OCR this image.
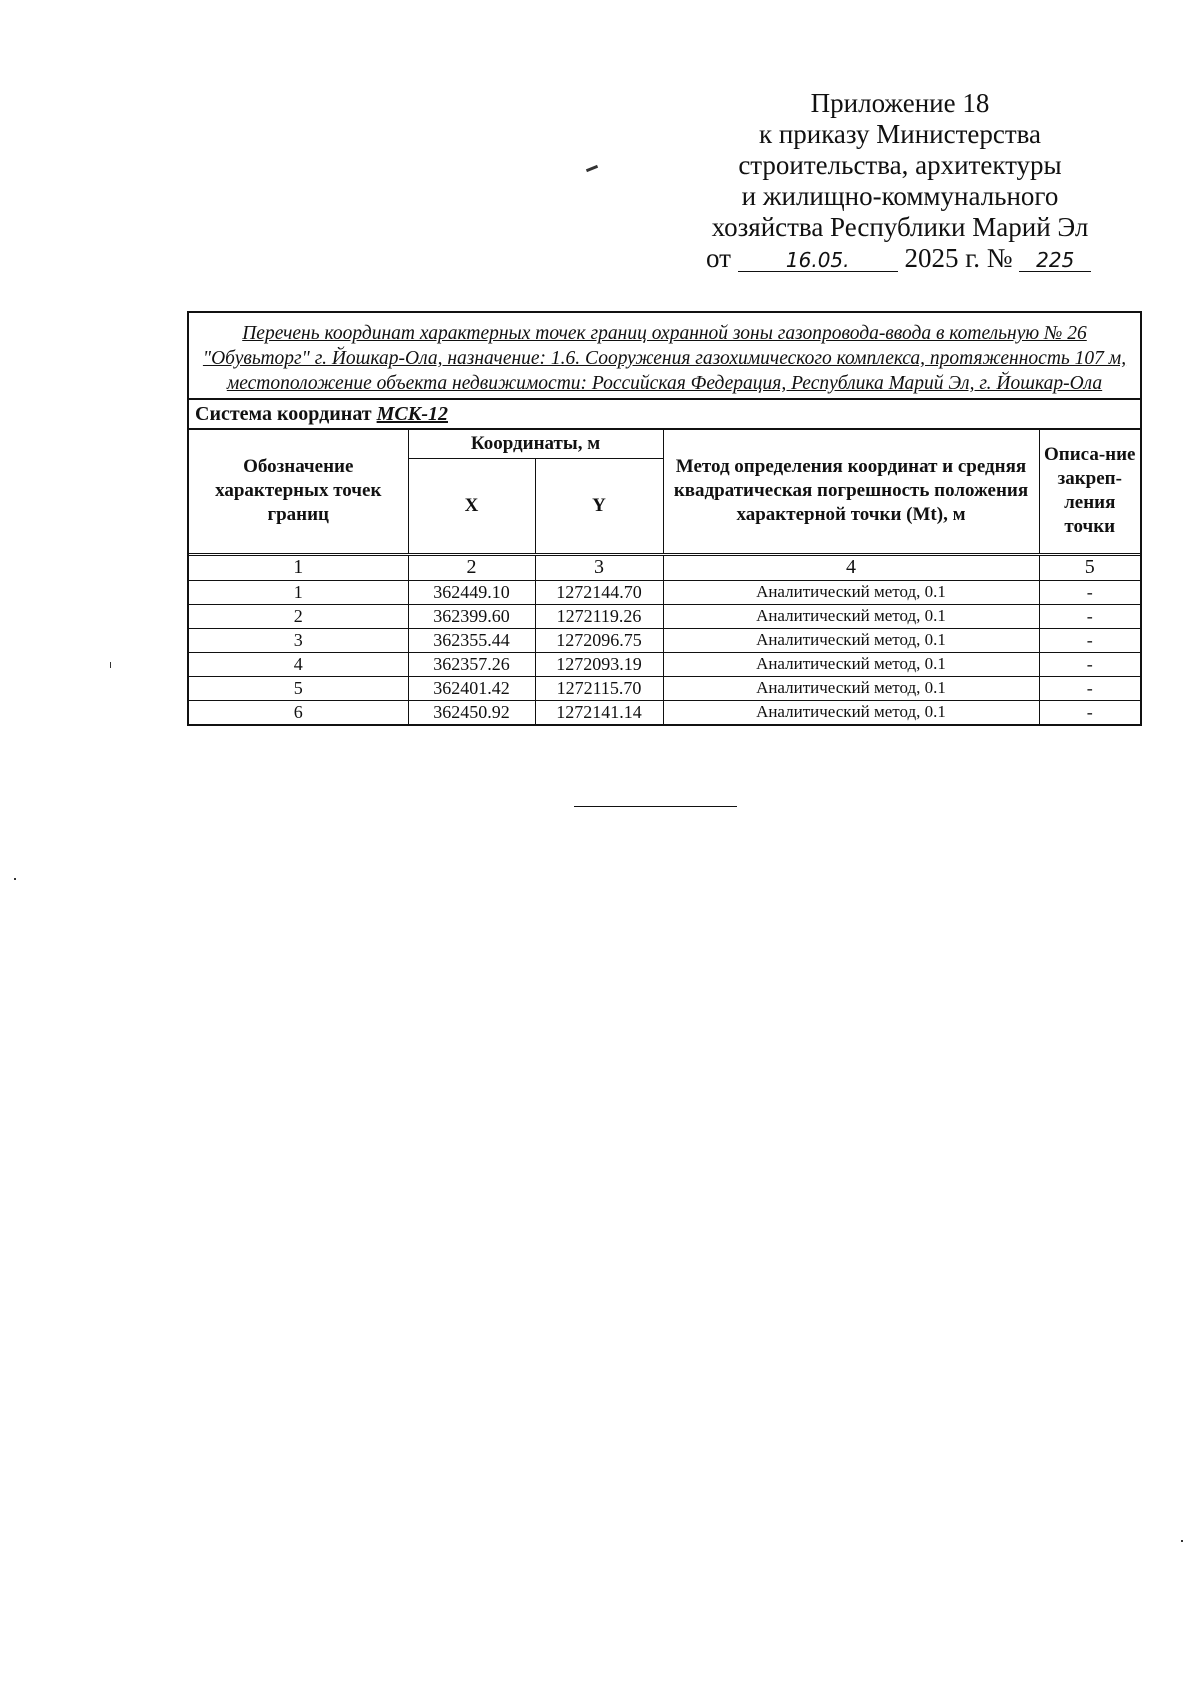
Приложение 18
к приказу Министерства
строительства, архитектуры
и жилищно-коммунального
хозяйства Республики Марий Эл
от	16.05. 2025 г. № 225
Перечень координат характерных точек границ охранной зоны газопровода-ввода в котельную № 26 "Обувьторг" г. Йошкар-Ола, назначение: 1.6. Сооружения газохимического комплекса, протяженность 107 м, местоположение объекта недвижимости: Российская Федерация, Республика Марий Эл, г. Йошкар-Ола
Система координат МСК-12
Обозначение характерных точек границ	Координаты, м		Метод определения координат и средняя квадратическая погрешность положения характерной точки (Mt), м	Описа-ние закреп-ления точки
	X	Y		
1	2	3	4	5
1	362449.10	1272144.70	Аналитический метод, 0.1	-
2	362399.60	1272119.26	Аналитический метод, 0.1	-
3	362355.44	1272096.75	Аналитический метод, 0.1	-
4	362357.26	1272093.19	Аналитический метод, 0.1	-
5	362401.42	1272115.70	Аналитический метод, 0.1	-
6	362450.92	1272141.14	Аналитический метод, 0.1	-
